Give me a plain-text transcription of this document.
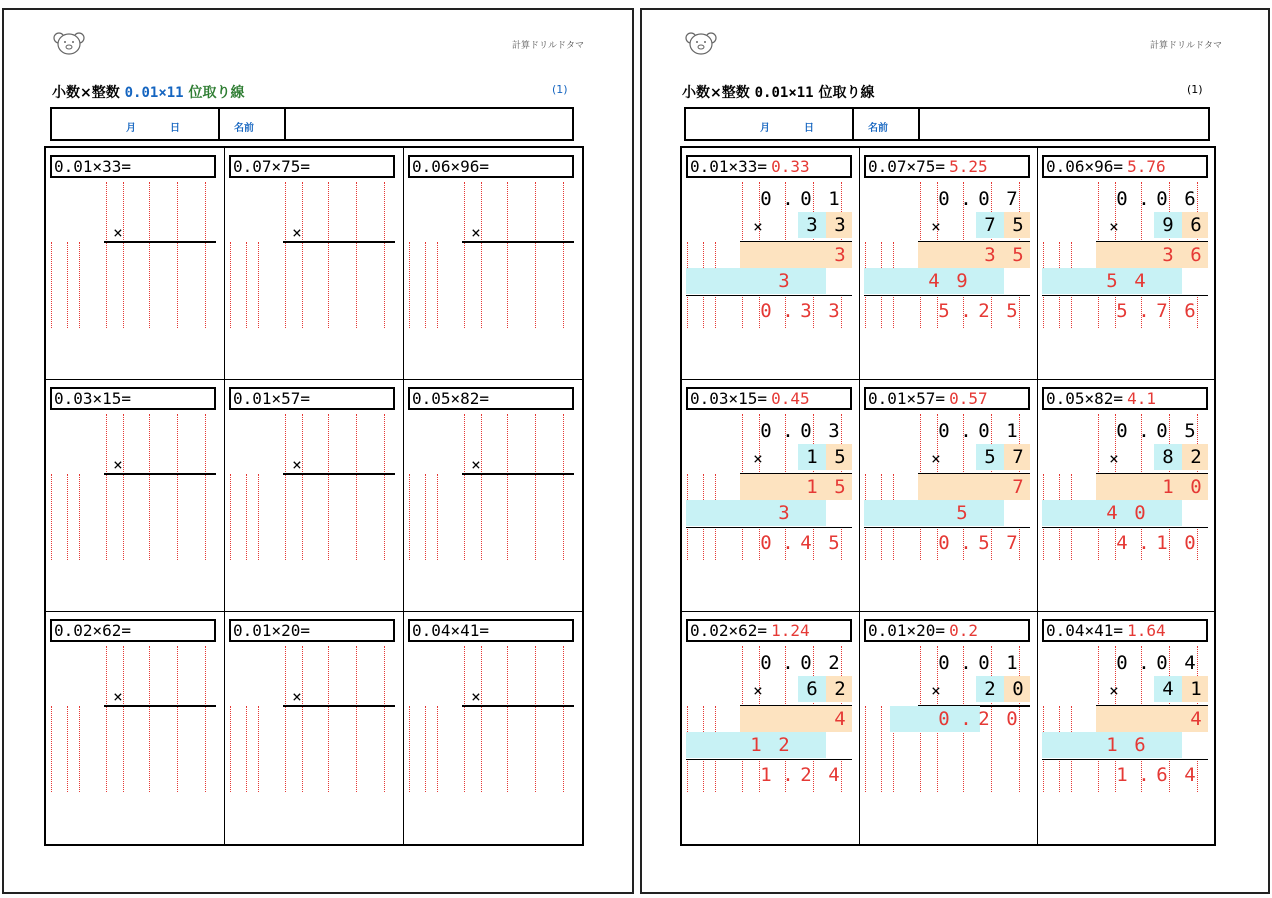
計算ドリルドタマ
小数×整数 0.01×11 位取り線	(1)
月	日	名前
0.01×33=
×
0.07×75=
×
0.06×96=
×
0.03×15=
×
0.01×57=
×
0.05×82=
×
0.02×62=
×
0.01×20=
×
0.04×41=
×
計算ドリルドタマ
小数×整数 0.01×11 位取り線	(1)
月	日	名前
0.01×33= 0.33
×
0 . 0 1
3 3
3
3
0 . 3 3
0.07×75= 5.25
×
0 . 0 7
7 5
3 5
4 9
5 . 2 5
0.06×96= 5.76
×
0 . 0 6
9 6
3 6
5 4
5 . 7 6
0.03×15= 0.45
×
0 . 0 3
1 5
1 5
3
0 . 4 5
0.01×57= 0.57
×
0 . 0 1
5 7
7
5
0 . 5 7
0.05×82= 4.1
×
0 . 0 5
8 2
1 0
4 0
4 . 1 0
0.02×62= 1.24
×
0 . 0 2
6 2
4
1 2
1 . 2 4
0.01×20= 0.2
×
0 . 0 1
2 0
0 . 2 0
0.04×41= 1.64
×
0 . 0 4
4 1
4
1 6
1 . 6 4
